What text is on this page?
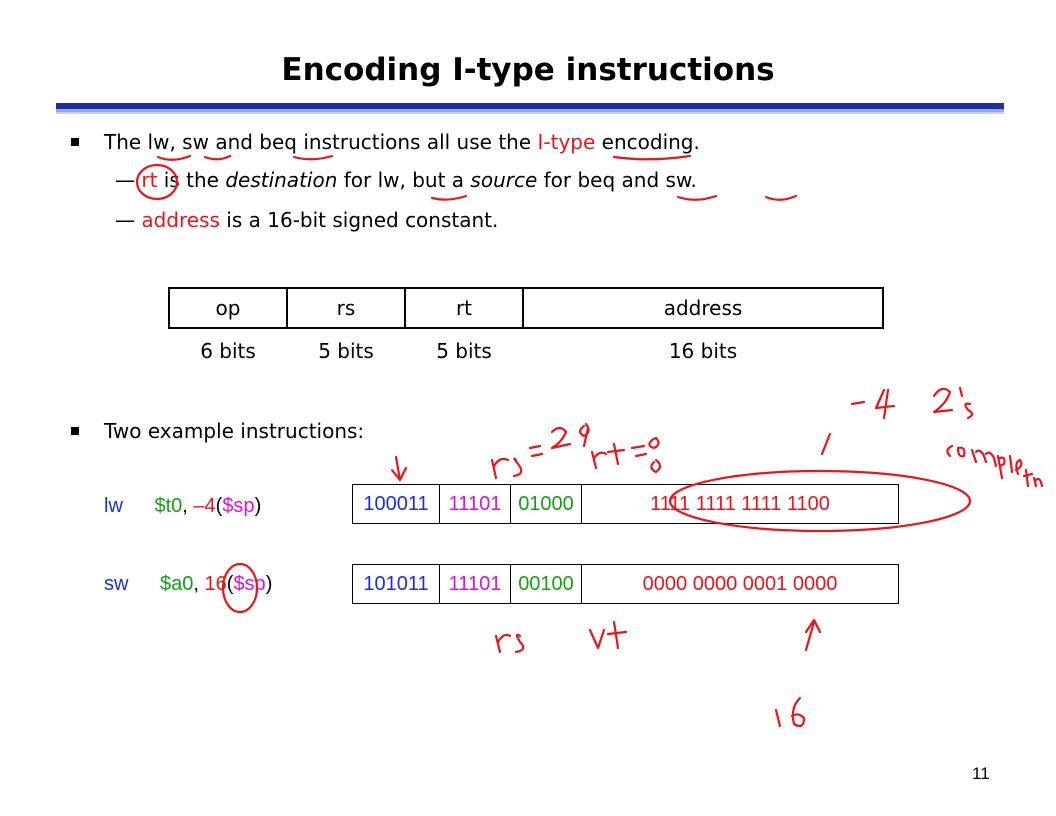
Encoding I-type instructions
The lw, sw and beq instructions all use the I-type encoding.
— rt is the destination for lw, but a source for beq and sw.
— address is a 16-bit signed constant.
op	rs	rt	address
6 bits	5 bits	5 bits	16 bits
Two example instructions:
lw $t0, –4($sp)	100011	11101	01000	1111 1111 1111 1100
sw $a0, 16($sp)	101011	11101	00100	0000 0000 0001 0000
11
